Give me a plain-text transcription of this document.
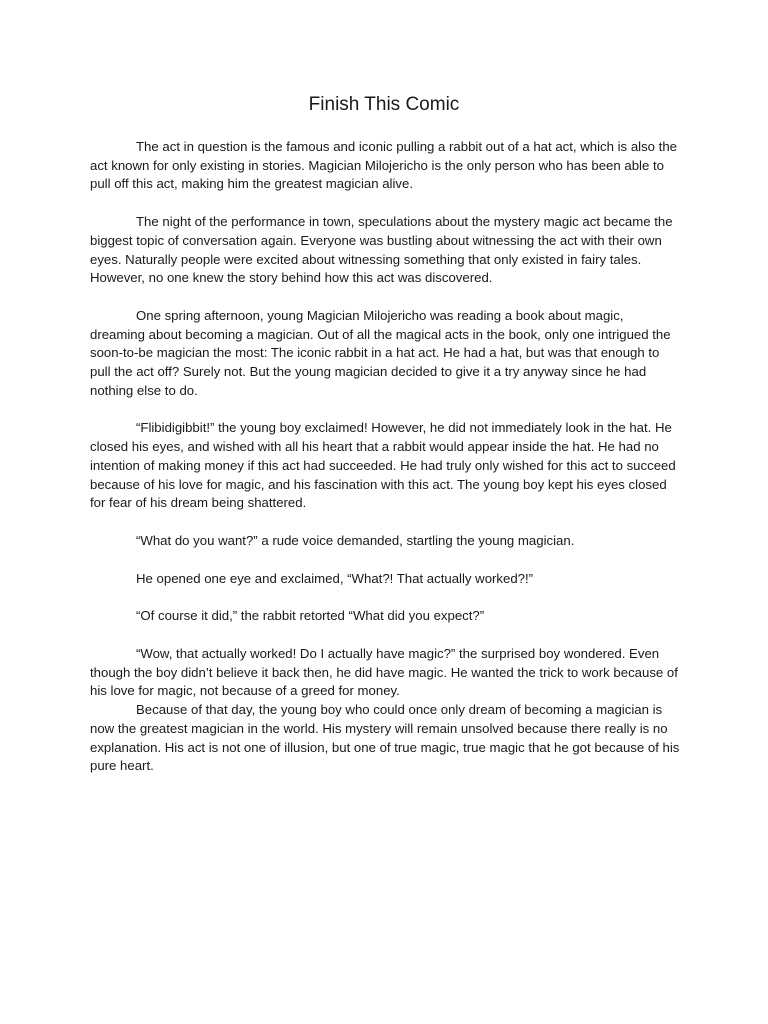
Finish This Comic

The act in question is the famous and iconic pulling a rabbit out of a hat act, which is also the act known for only existing in stories. Magician Milojericho is the only person who has been able to pull off this act, making him the greatest magician alive.

The night of the performance in town, speculations about the mystery magic act became the biggest topic of conversation again. Everyone was bustling about witnessing the act with their own eyes. Naturally people were excited about witnessing something that only existed in fairy tales. However, no one knew the story behind how this act was discovered.

One spring afternoon, young Magician Milojericho was reading a book about magic, dreaming about becoming a magician. Out of all the magical acts in the book, only one intrigued the soon-to-be magician the most: The iconic rabbit in a hat act. He had a hat, but was that enough to pull the act off? Surely not. But the young magician decided to give it a try anyway since he had nothing else to do.

“Flibidigibbit!” the young boy exclaimed! However, he did not immediately look in the hat. He closed his eyes, and wished with all his heart that a rabbit would appear inside the hat. He had no intention of making money if this act had succeeded. He had truly only wished for this act to succeed because of his love for magic, and his fascination with this act. The young boy kept his eyes closed for fear of his dream being shattered.

“What do you want?” a rude voice demanded, startling the young magician.

He opened one eye and exclaimed, “What?! That actually worked?!”

“Of course it did,” the rabbit retorted “What did you expect?”

“Wow, that actually worked! Do I actually have magic?” the surprised boy wondered. Even though the boy didn’t believe it back then, he did have magic. He wanted the trick to work because of his love for magic, not because of a greed for money.

Because of that day, the young boy who could once only dream of becoming a magician is now the greatest magician in the world. His mystery will remain unsolved because there really is no explanation. His act is not one of illusion, but one of true magic, true magic that he got because of his pure heart.
